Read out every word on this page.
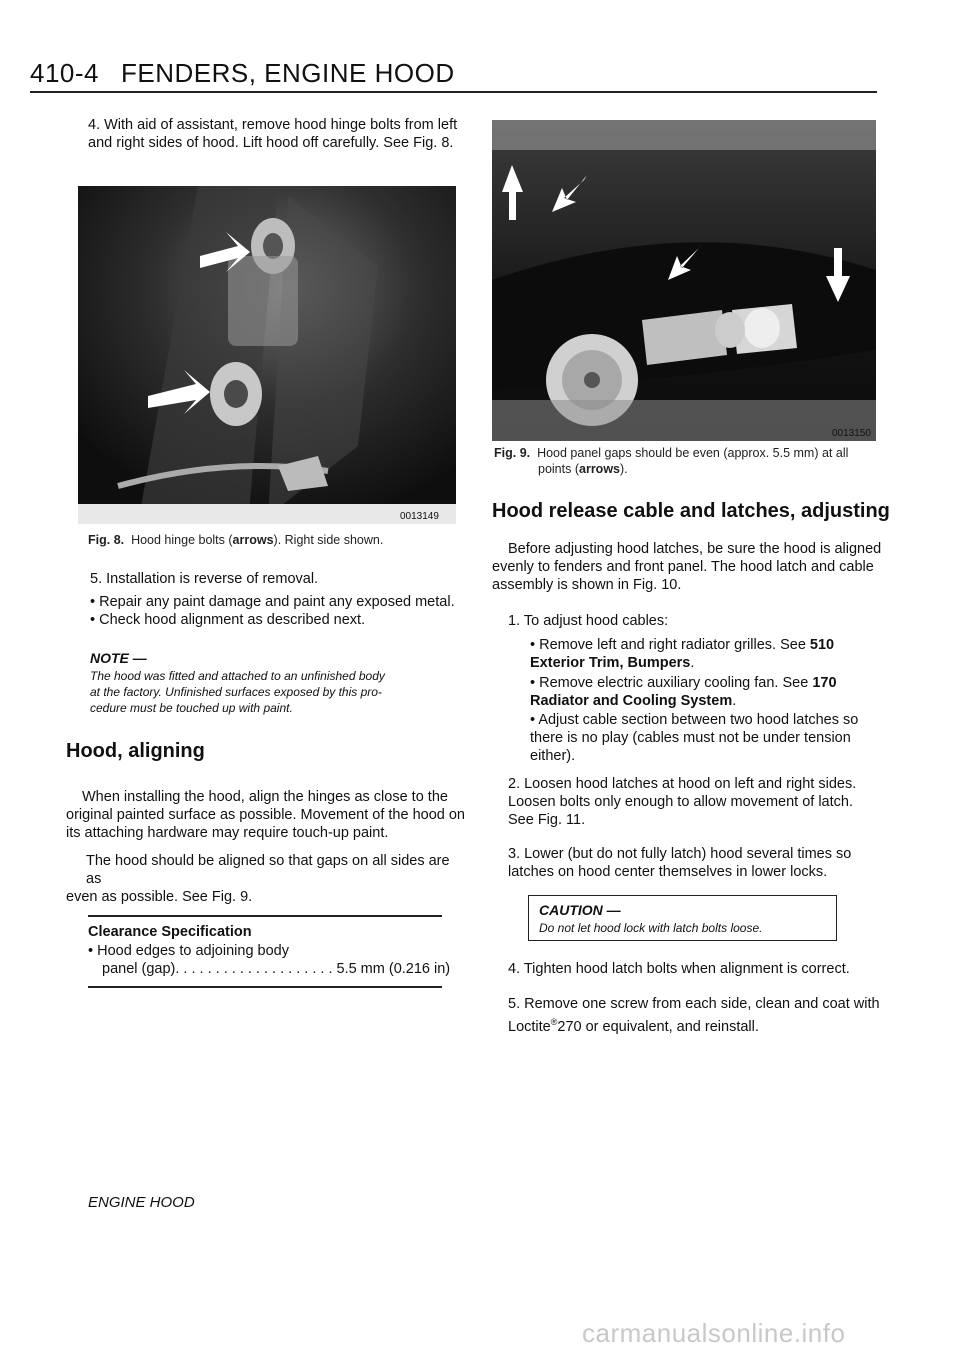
410-4 FENDERS, ENGINE HOOD
4. With aid of assistant, remove hood hinge bolts from left and right sides of hood. Lift hood off carefully. See Fig. 8.
0013149
Fig. 8. Hood hinge bolts (arrows). Right side shown.
5. Installation is reverse of removal.
• Repair any paint damage and paint any exposed metal.
• Check hood alignment as described next.
NOTE —
The hood was fitted and attached to an unfinished body
at the factory. Unfinished surfaces exposed by this pro-
cedure must be touched up with paint.
Hood, aligning
When installing the hood, align the hinges as close to the
original painted surface as possible. Movement of the hood on
its attaching hardware may require touch-up paint.
The hood should be aligned so that gaps on all sides are as
even as possible. See Fig. 9.
Clearance Specification
• Hood edges to adjoining body
panel (gap). . . . . . . . . . . . . . . . . . . . 5.5 mm (0.216 in)
ENGINE HOOD
0013150
Fig. 9. Hood panel gaps should be even (approx. 5.5 mm) at all
points (arrows).
Hood release cable and latches, adjusting
Before adjusting hood latches, be sure the hood is aligned
evenly to fenders and front panel. The hood latch and cable
assembly is shown in Fig. 10.
1. To adjust hood cables:
• Remove left and right radiator grilles. See 510 Exterior Trim, Bumpers.
• Remove electric auxiliary cooling fan. See 170 Radiator and Cooling System.
• Adjust cable section between two hood latches so there is no play (cables must not be under tension either).
2. Loosen hood latches at hood on left and right sides. Loosen bolts only enough to allow movement of latch. See Fig. 11.
3. Lower (but do not fully latch) hood several times so latches on hood center themselves in lower locks.
CAUTION —
Do not let hood lock with latch bolts loose.
4. Tighten hood latch bolts when alignment is correct.
5. Remove one screw from each side, clean and coat with Loctite®270 or equivalent, and reinstall.
carmanualsonline.info
